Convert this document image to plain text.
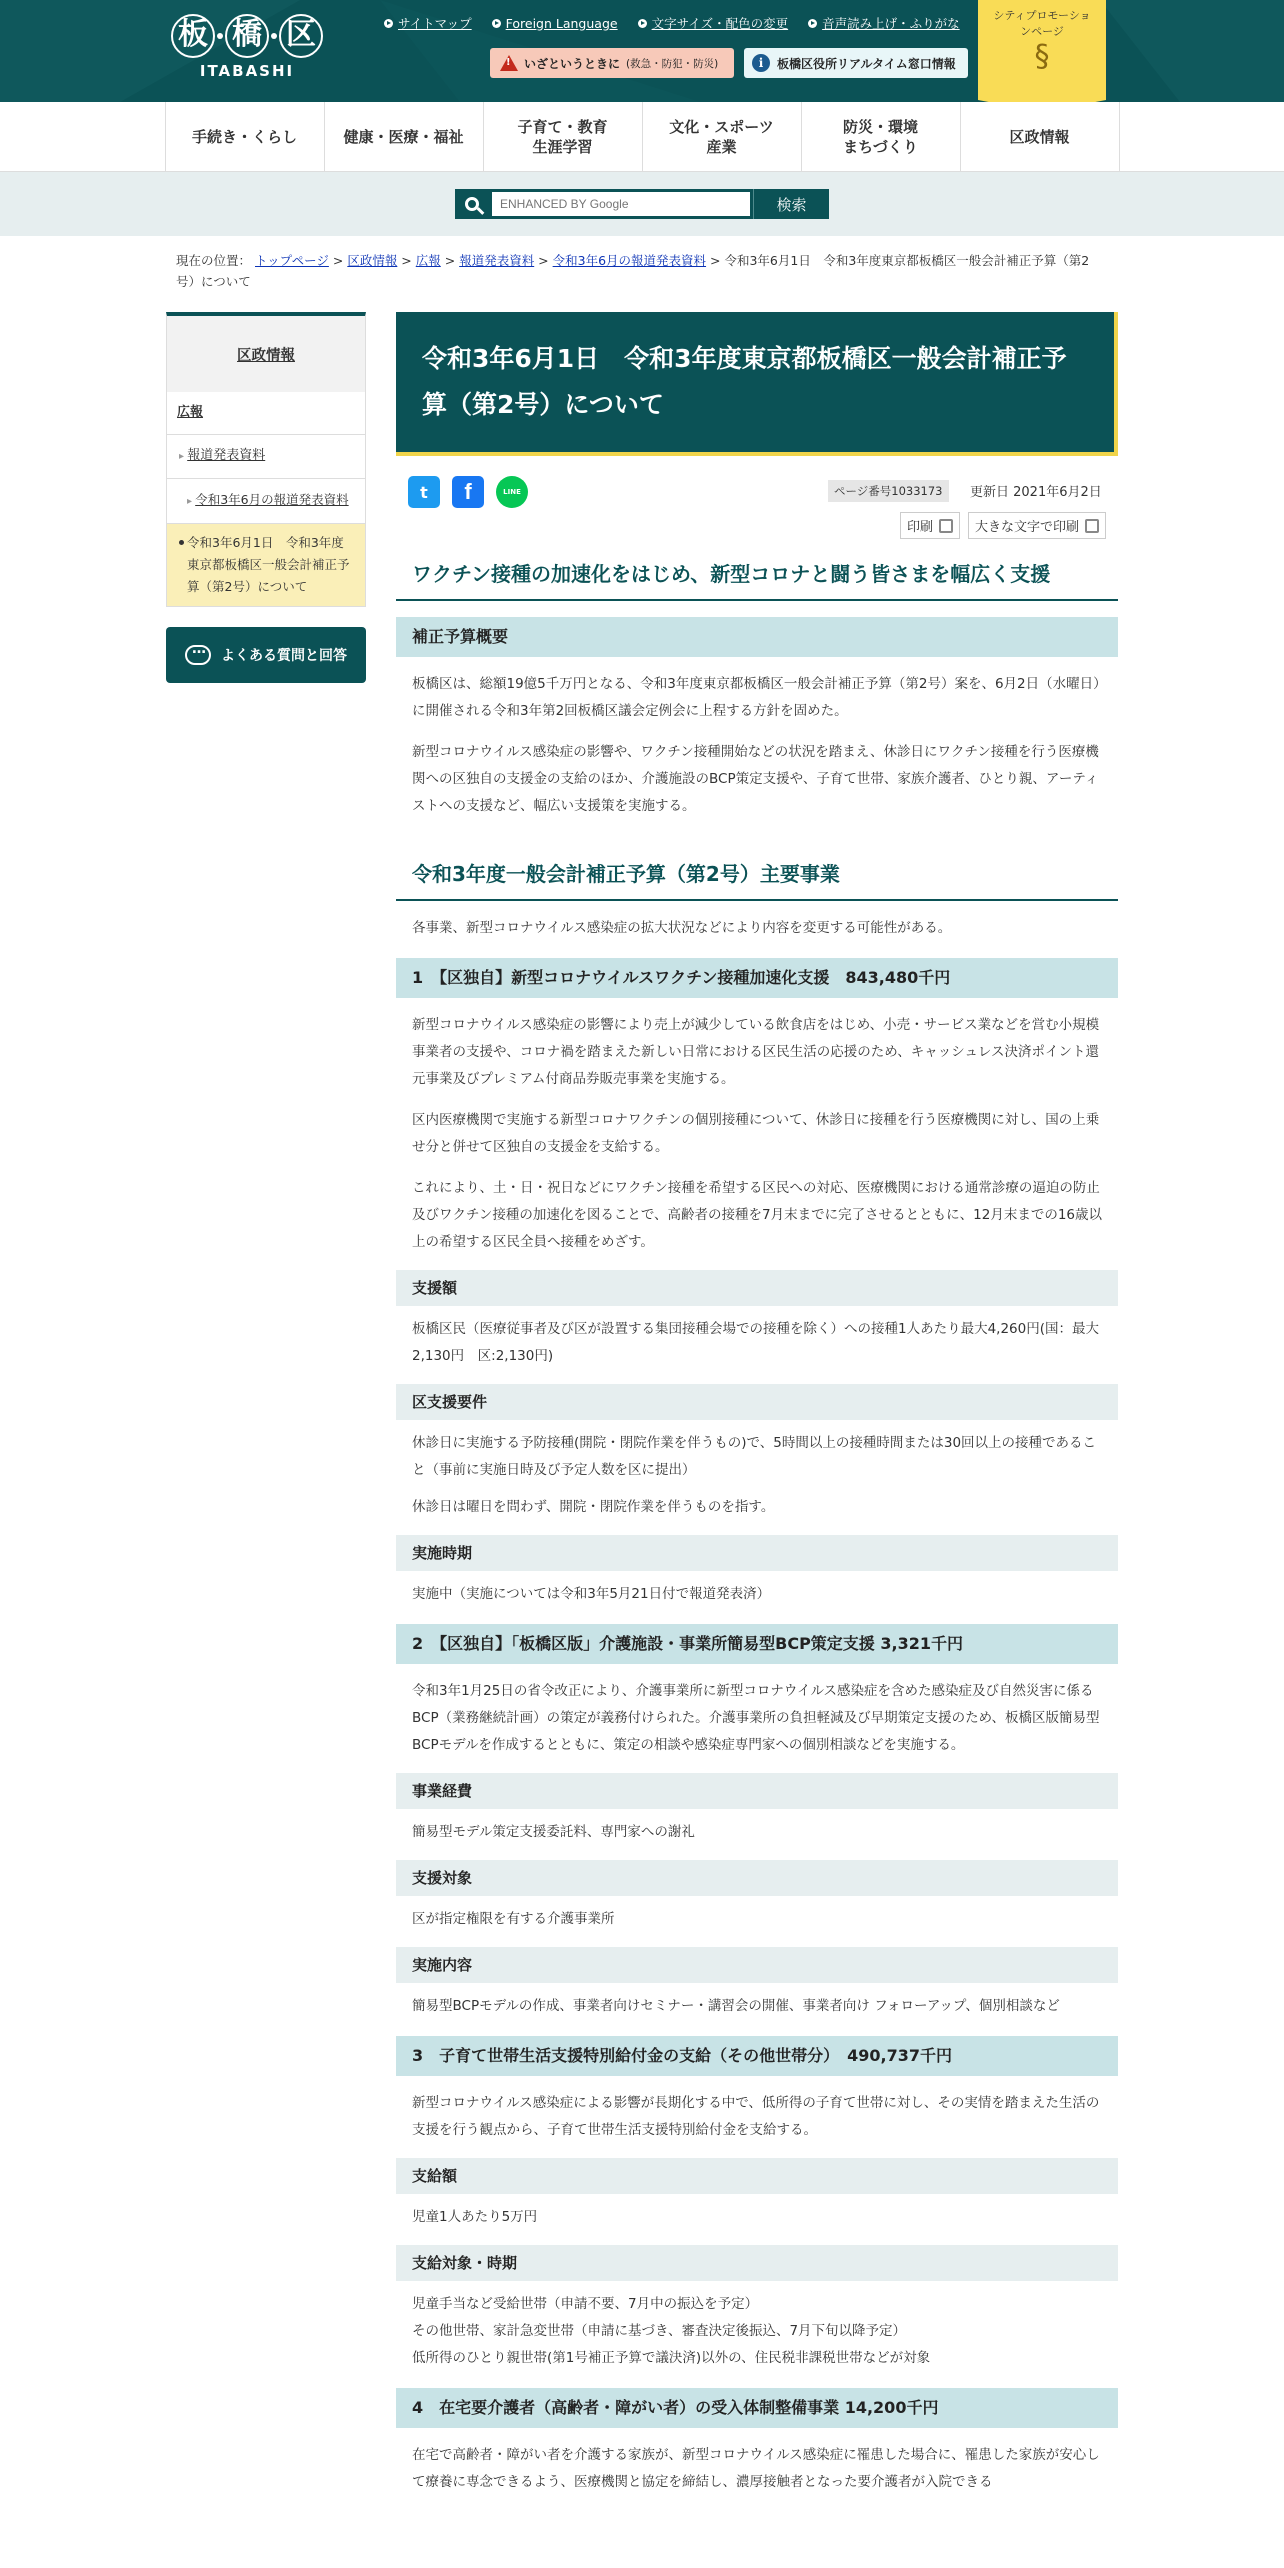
板 橋 区
ITABASHI
サイトマップ	Foreign Language	文字サイズ・配色の変更	音声読み上げ・ふりがな
!
いざというときに (救急・防犯・防災)	i	板橋区役所リアルタイム窓口情報
シティプロモーションページ
§
手続き・くらし	健康・医療・福祉
子育て・教育
生涯学習
文化・スポーツ
産業
防災・環境
まちづくり
区政情報
ENHANCED BY Google
検索
現在の位置： トップページ > 区政情報 > 広報 > 報道発表資料 > 令和3年6月の報道発表資料 > 令和3年6月1日　令和3年度東京都板橋区一般会計補正予算（第2号）について
区政情報
広報
▸ 報道発表資料
▸ 令和3年6月の報道発表資料
令和3年6月1日　令和3年度東京都板橋区一般会計補正予算（第2号）について
…
よくある質問と回答
令和3年6月1日　令和3年度東京都板橋区一般会計補正予算（第2号）について
t	f	LINE	ページ番号1033173	更新日 2021年6月2日
印刷	大きな文字で印刷
ワクチン接種の加速化をはじめ、新型コロナと闘う皆さまを幅広く支援
補正予算概要

板橋区は、総額19億5千万円となる、令和3年度東京都板橋区一般会計補正予算（第2号）案を、6月2日（水曜日）に開催される令和3年第2回板橋区議会定例会に上程する方針を固めた。

新型コロナウイルス感染症の影響や、ワクチン接種開始などの状況を踏まえ、休診日にワクチン接種を行う医療機関への区独自の支援金の支給のほか、介護施設のBCP策定支援や、子育て世帯、家族介護者、ひとり親、アーティストへの支援など、幅広い支援策を実施する。

令和3年度一般会計補正予算（第2号）主要事業

各事業、新型コロナウイルス感染症の拡大状況などにより内容を変更する可能性がある。

1　【区独自】新型コロナウイルスワクチン接種加速化支援　843,480千円

新型コロナウイルス感染症の影響により売上が減少している飲食店をはじめ、小売・サービス業などを営む小規模事業者の支援や、コロナ禍を踏まえた新しい日常における区民生活の応援のため、キャッシュレス決済ポイント還元事業及びプレミアム付商品券販売事業を実施する。

区内医療機関で実施する新型コロナワクチンの個別接種について、休診日に接種を行う医療機関に対し、国の上乗せ分と併せて区独自の支援金を支給する。

これにより、土・日・祝日などにワクチン接種を希望する区民への対応、医療機関における通常診療の逼迫の防止及びワクチン接種の加速化を図ることで、高齢者の接種を7月末までに完了させるとともに、12月末までの16歳以上の希望する区民全員へ接種をめざす。

支援額

板橋区民（医療従事者及び区が設置する集団接種会場での接種を除く）への接種1人あたり最大4,260円(国：最大2,130円　区:2,130円)

区支援要件

休診日に実施する予防接種(開院・閉院作業を伴うもの)で、5時間以上の接種時間または30回以上の接種であること（事前に実施日時及び予定人数を区に提出）

休診日は曜日を問わず、開院・閉院作業を伴うものを指す。

実施時期

実施中（実施については令和3年5月21日付で報道発表済）

2　【区独自】「板橋区版」介護施設・事業所簡易型BCP策定支援 3,321千円

令和3年1月25日の省令改正により、介護事業所に新型コロナウイルス感染症を含めた感染症及び自然災害に係るBCP（業務継続計画）の策定が義務付けられた。介護事業所の負担軽減及び早期策定支援のため、板橋区版簡易型BCPモデルを作成するとともに、策定の相談や感染症専門家への個別相談などを実施する。

事業経費

簡易型モデル策定支援委託料、専門家への謝礼

支援対象

区が指定権限を有する介護事業所

実施内容

簡易型BCPモデルの作成、事業者向けセミナー・講習会の開催、事業者向け フォローアップ、個別相談など

3　子育て世帯生活支援特別給付金の支給（その他世帯分）　490,737千円

新型コロナウイルス感染症による影響が長期化する中で、低所得の子育て世帯に対し、その実情を踏まえた生活の支援を行う観点から、子育て世帯生活支援特別給付金を支給する。

支給額

児童1人あたり5万円

支給対象・時期

児童手当など受給世帯（申請不要、7月中の振込を予定）
その他世帯、家計急変世帯（申請に基づき、審査決定後振込、7月下旬以降予定）
低所得のひとり親世帯(第1号補正予算で議決済)以外の、住民税非課税世帯などが対象

4　在宅要介護者（高齢者・障がい者）の受入体制整備事業 14,200千円

在宅で高齢者・障がい者を介護する家族が、新型コロナウイルス感染症に罹患した場合に、罹患した家族が安心して療養に専念できるよう、医療機関と協定を締結し、濃厚接触者となった要介護者が入院できる
